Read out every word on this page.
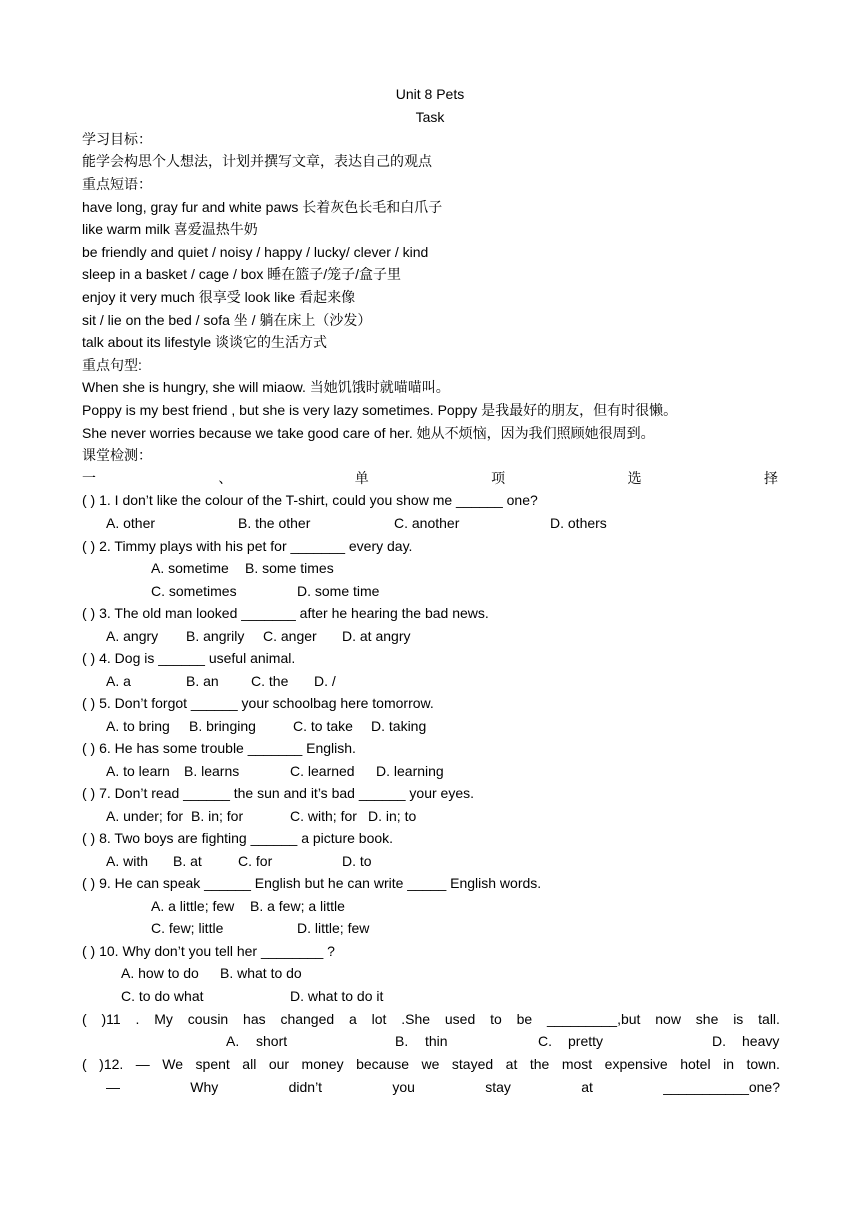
Unit 8 Pets
Task
学习目标：
能学会构思个人想法，计划并撰写文章，表达自己的观点
重点短语：
have long, gray fur and white paws 长着灰色长毛和白爪子
like warm milk 喜爱温热牛奶
be friendly and quiet / noisy / happy / lucky/ clever / kind
sleep in a basket / cage / box 睡在篮子/笼子/盒子里
enjoy it very much 很享受 look like 看起来像
sit / lie on the bed / sofa 坐 / 躺在床上（沙发）
talk about its lifestyle 谈谈它的生活方式
重点句型:
When she is hungry, she will miaow. 当她饥饿时就喵喵叫。
Poppy is my best friend , but she is very lazy sometimes. Poppy 是我最好的朋友，但有时很懒。
She never worries because we take good care of her. 她从不烦恼，因为我们照顾她很周到。
课堂检测：
一	、	单	项	选	择
( ) 1. I don’t like the colour of the T-shirt, could you show me ______ one?
A. other	B. the other	C. another	D. others
( ) 2. Timmy plays with his pet for _______ every day.
A. sometime B. some times
C. sometimes	D. some time
( ) 3. The old man looked _______ after he hearing the bad news.
A. angry B. angrily C. anger D. at angry
( ) 4. Dog is ______ useful animal.
A. a	B. an C. the D. /
( ) 5. Don’t forgot ______ your schoolbag here tomorrow.
A. to bring B. bringing	C. to take D. taking
( ) 6. He has some trouble _______ English.
A. to learn B. learns	C. learned D. learning
( ) 7. Don’t read ______ the sun and it’s bad ______ your eyes.
A. under; for B. in; for	C. with; for D. in; to
( ) 8. Two boys are fighting ______ a picture book.
A. with B. at	C. for	D. to
( ) 9. He can speak ______ English but he can write _____ English words.
A. a little; few B. a few; a little
C. few; little	D. little; few
( ) 10. Why don’t you tell her ________ ?
A. how to do B. what to do
C. to do what	D. what to do it
( )11 . My cousin has changed a lot .She used to be _________,but now she is tall.
A. short	B. thin	C. pretty	D. heavy
( )12. — We spent all our money because we stayed at the most expensive hotel in town.
—	Why	didn’t	you	stay	at	___________one?
